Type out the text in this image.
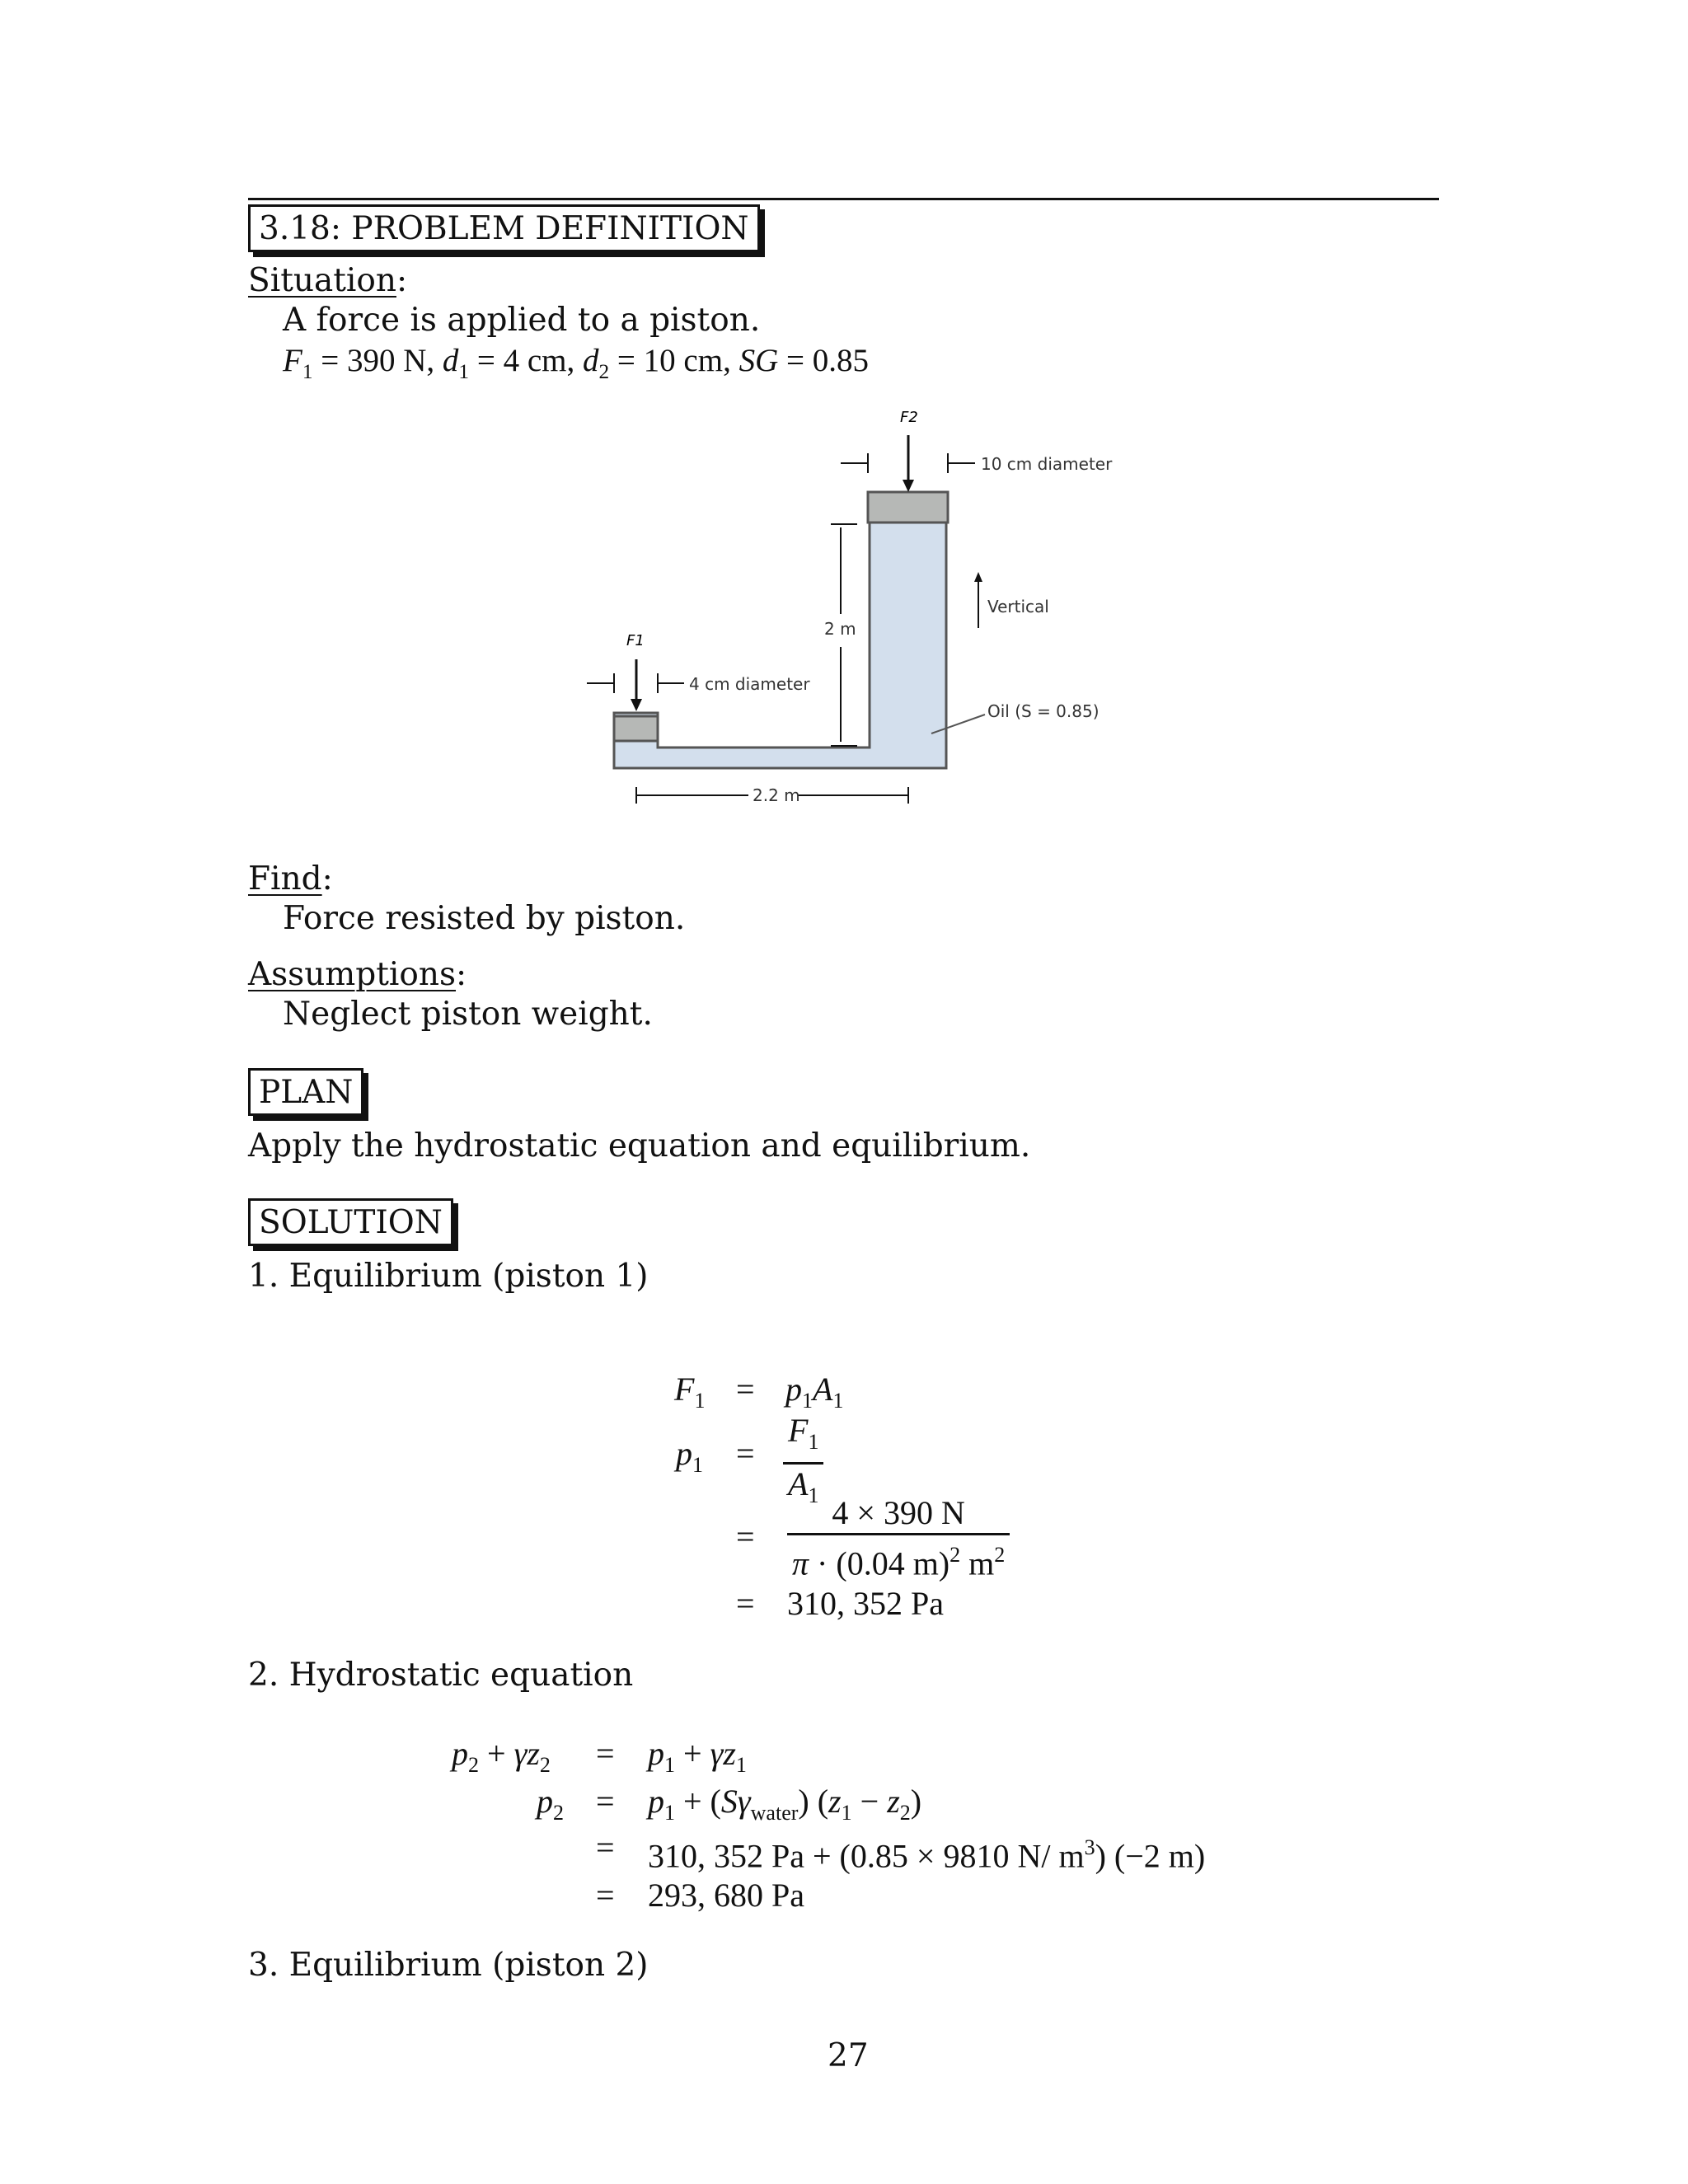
3.18: PROBLEM DEFINITION
Situation:
A force is applied to a piston.
$F_1 = 390$ N, $d_1 = 4$ cm, $d_2 = 10$ cm, SG = 0.85
F2
10 cm diameter
2 m
Vertical
Oil (S = 0.85)
F1
4 cm diameter
2.2 m
Find:
Force resisted by piston.
Assumptions:
Neglect piston weight.
PLAN
Apply the hydrostatic equation and equilibrium.
SOLUTION
1. Equilibrium (piston 1)
$F_1 = p_1A_1$
$p_1 = \frac{F_1}{A_1}$
= $\frac{4 \times 390 N}{\pi \cdot (0.04 m)^2 m^2}$
= 310, 352 Pa
2. Hydrostatic equation
$p_2 + \gamma z_2 = p_1 + \gamma z_1$
$p_2 = p_1 + (S\gamma_{water}) (z_1 - z_2)$
= 310, 352 Pa + (0.85 × 9810 N/ $m^3$) (−2 m)
= 293, 680 Pa
3. Equilibrium (piston 2)
27
